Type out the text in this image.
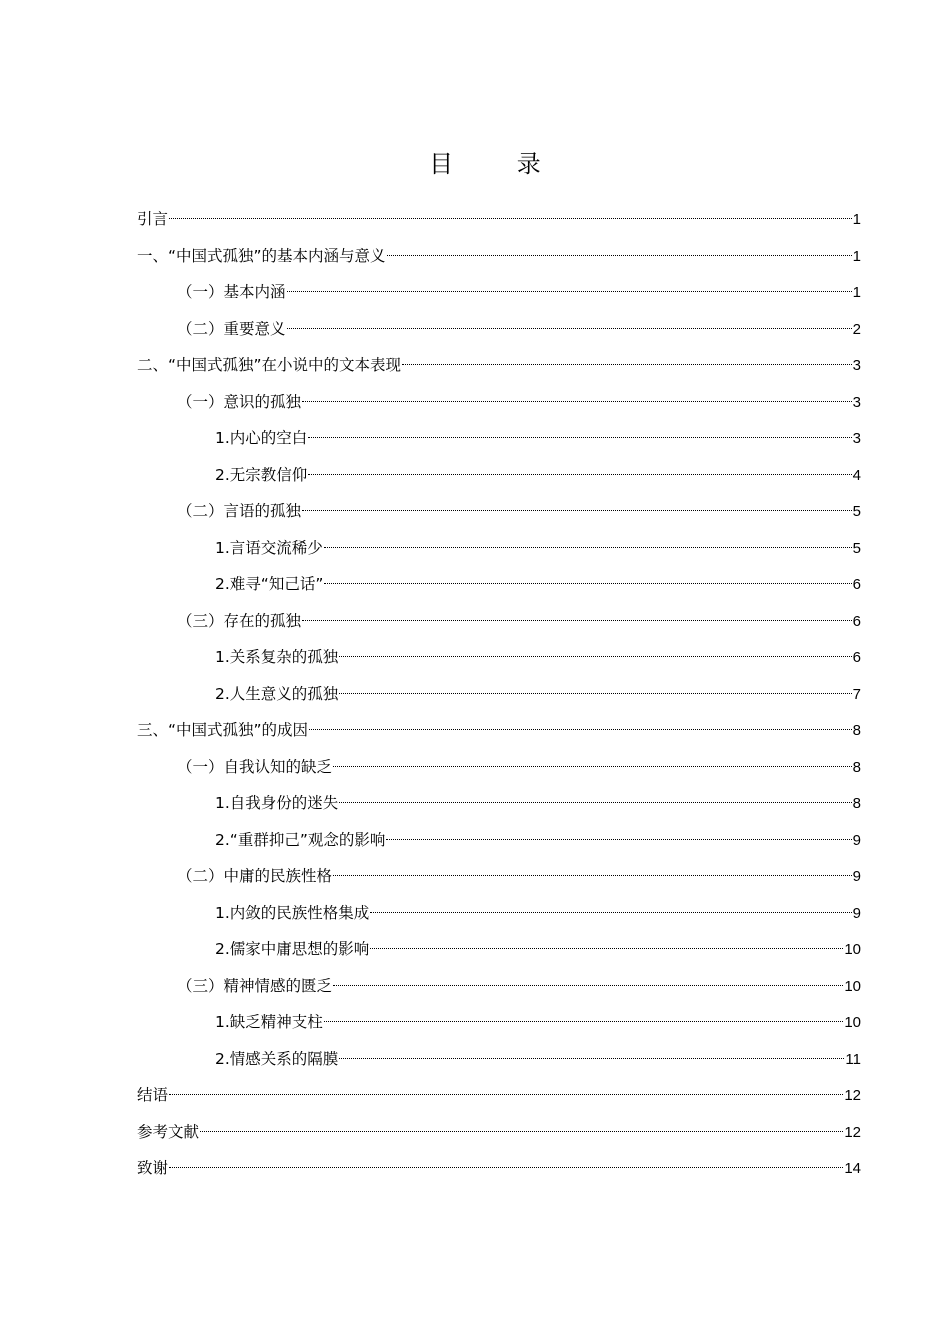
目 录
引言	1
一、“中国式孤独”的基本内涵与意义	1
（一）基本内涵	1
（二）重要意义	2
二、“中国式孤独”在小说中的文本表现	3
（一）意识的孤独	3
1.内心的空白	3
2.无宗教信仰	4
（二）言语的孤独	5
1.言语交流稀少	5
2.难寻“知己话”	6
（三）存在的孤独	6
1.关系复杂的孤独	6
2.人生意义的孤独	7
三、“中国式孤独”的成因	8
（一）自我认知的缺乏	8
1.自我身份的迷失	8
2.“重群抑己”观念的影响	9
（二）中庸的民族性格	9
1.内敛的民族性格集成	9
2.儒家中庸思想的影响	10
（三）精神情感的匮乏	10
1.缺乏精神支柱	10
2.情感关系的隔膜	11
结语	12
参考文献	12
致谢	14
